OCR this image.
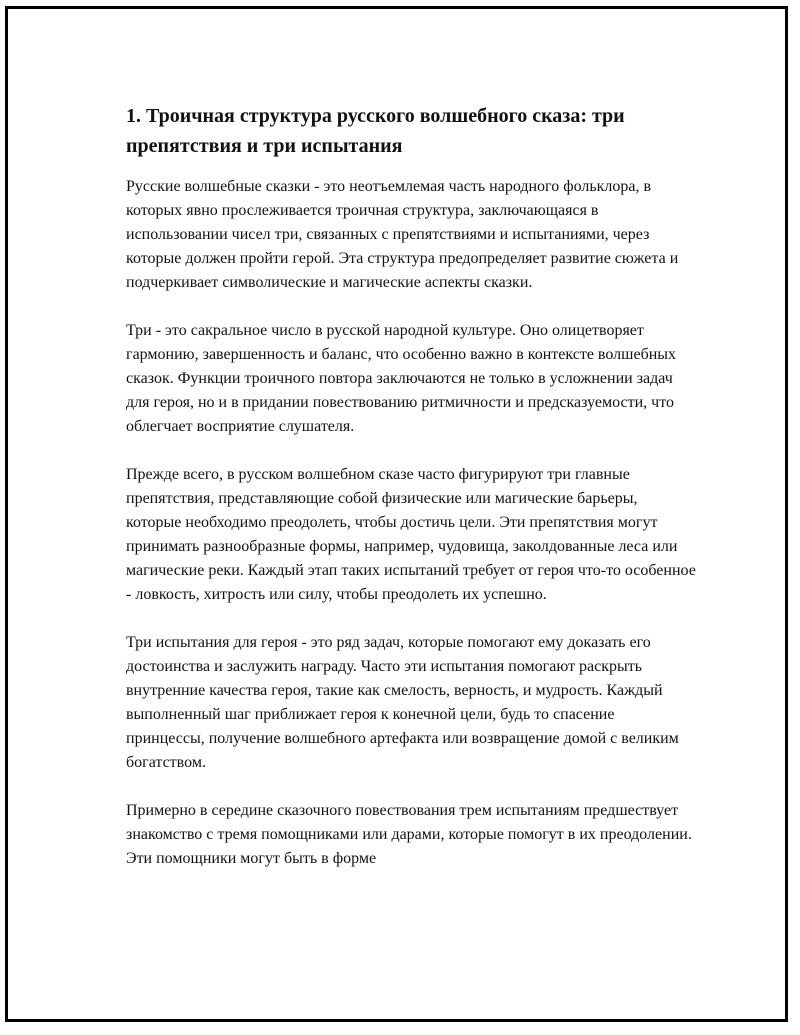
1. Троичная структура русского волшебного сказа: три препятствия и три испытания

Русские волшебные сказки - это неотъемлемая часть народного фольклора, в которых явно прослеживается троичная структура, заключающаяся в использовании чисел три, связанных с препятствиями и испытаниями, через которые должен пройти герой. Эта структура предопределяет развитие сюжета и подчеркивает символические и магические аспекты сказки.

Три - это сакральное число в русской народной культуре. Оно олицетворяет гармонию, завершенность и баланс, что особенно важно в контексте волшебных сказок. Функции троичного повтора заключаются не только в усложнении задач для героя, но и в придании повествованию ритмичности и предсказуемости, что облегчает восприятие слушателя.

Прежде всего, в русском волшебном сказе часто фигурируют три главные препятствия, представляющие собой физические или магические барьеры, которые необходимо преодолеть, чтобы достичь цели. Эти препятствия могут принимать разнообразные формы, например, чудовища, заколдованные леса или магические реки. Каждый этап таких испытаний требует от героя что-то особенное - ловкость, хитрость или силу, чтобы преодолеть их успешно.

Три испытания для героя - это ряд задач, которые помогают ему доказать его достоинства и заслужить награду. Часто эти испытания помогают раскрыть внутренние качества героя, такие как смелость, верность, и мудрость. Каждый выполненный шаг приближает героя к конечной цели, будь то спасение принцессы, получение волшебного артефакта или возвращение домой с великим богатством.

Примерно в середине сказочного повествования трем испытаниям предшествует знакомство с тремя помощниками или дарами, которые помогут в их преодолении. Эти помощники могут быть в форме
